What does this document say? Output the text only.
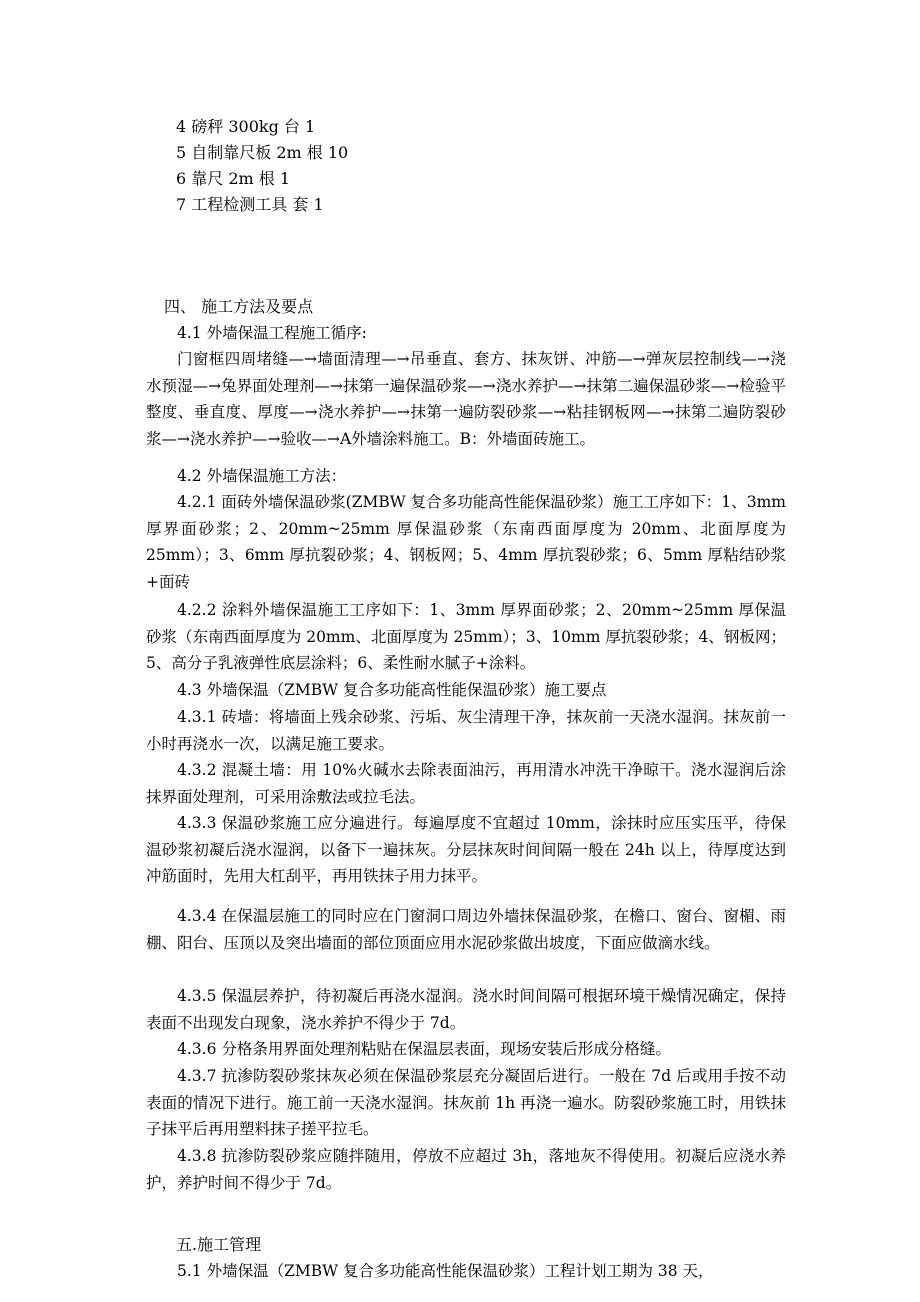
4 磅秤 300kg 台 1
5 自制靠尺板 2m 根 10
6 靠尺 2m 根 1
7 工程检测工具 套 1
四、 施工方法及要点

4.1 外墙保温工程施工循序:

门窗框四周堵缝—→墙面清理—→吊垂直、套方、抹灰饼、冲筋—→弹灰层控制线—→浇水预湿—→兔界面处理剂—→抹第一遍保温砂浆—→浇水养护—→抹第二遍保温砂浆—→检验平整度、垂直度、厚度—→浇水养护—→抹第一遍防裂砂浆—→粘挂钢板网—→抹第二遍防裂砂浆—→浇水养护—→验收—→A外墙涂料施工。B：外墙面砖施工。

4.2 外墙保温施工方法：

4.2.1 面砖外墙保温砂浆(ZMBW 复合多功能高性能保温砂浆）施工工序如下：1、3mm 厚界面砂浆；2、20mm~25mm 厚保温砂浆（东南西面厚度为 20mm、北面厚度为 25mm）；3、6mm 厚抗裂砂浆；4、钢板网；5、4mm 厚抗裂砂浆；6、5mm 厚粘结砂浆+面砖

4.2.2 涂料外墙保温施工工序如下：1、3mm 厚界面砂浆；2、20mm~25mm 厚保温砂浆（东南西面厚度为 20mm、北面厚度为 25mm）；3、10mm 厚抗裂砂浆；4、钢板网；5、高分子乳液弹性底层涂料；6、柔性耐水腻子+涂料。

4.3 外墙保温（ZMBW 复合多功能高性能保温砂浆）施工要点

4.3.1 砖墙：将墙面上残余砂浆、污垢、灰尘清理干净，抹灰前一天浇水湿润。抹灰前一小时再浇水一次，以满足施工要求。

4.3.2 混凝土墙：用 10%火碱水去除表面油污，再用清水冲洗干净晾干。浇水湿润后涂抹界面处理剂，可采用涂敷法或拉毛法。

4.3.3 保温砂浆施工应分遍进行。每遍厚度不宜超过 10mm，涂抹时应压实压平，待保温砂浆初凝后浇水湿润，以备下一遍抹灰。分层抹灰时间间隔一般在 24h 以上，待厚度达到冲筋面时，先用大杠刮平，再用铁抹子用力抹平。

4.3.4 在保温层施工的同时应在门窗洞口周边外墙抹保温砂浆，在檐口、窗台、窗楣、雨棚、阳台、压顶以及突出墙面的部位顶面应用水泥砂浆做出坡度，下面应做滴水线。

4.3.5 保温层养护，待初凝后再浇水湿润。浇水时间间隔可根据环境干燥情况确定，保持表面不出现发白现象，浇水养护不得少于 7d。

4.3.6 分格条用界面处理剂粘贴在保温层表面，现场安装后形成分格缝。

4.3.7 抗渗防裂砂浆抹灰必须在保温砂浆层充分凝固后进行。一般在 7d 后或用手按不动表面的情况下进行。施工前一天浇水湿润。抹灰前 1h 再浇一遍水。防裂砂浆施工时，用铁抹子抹平后再用塑料抹子搓平拉毛。

4.3.8 抗渗防裂砂浆应随拌随用，停放不应超过 3h，落地灰不得使用。初凝后应浇水养护，养护时间不得少于 7d。

五.施工管理

5.1 外墙保温（ZMBW 复合多功能高性能保温砂浆）工程计划工期为 38 天，
